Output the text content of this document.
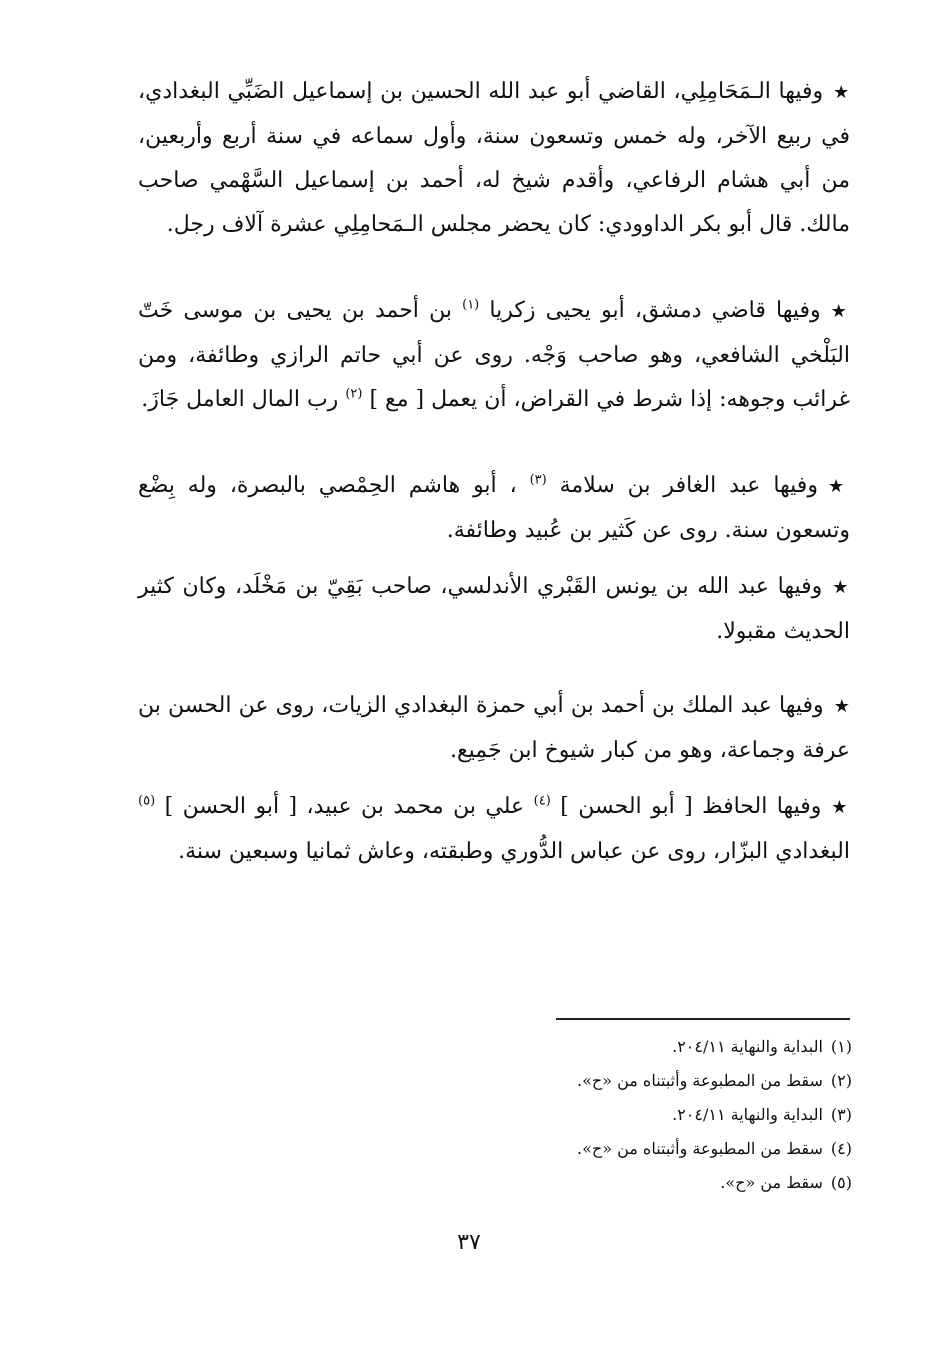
★وفيها الـمَحَامِلِي، القاضي أبو عبد الله الحسين بن إسماعيل الضَبِّي البغدادي، في ربيع الآخر، وله خمس وتسعون سنة، وأول سماعه في سنة أربع وأربعين، من أبي هشام الرفاعي، وأقدم شيخ له، أحمد بن إسماعيل السَّهْمي صاحب مالك. قال أبو بكر الداوودي: كان يحضر مجلس الـمَحامِلِي عشرة آلاف رجل.

★وفيها قاضي دمشق، أبو يحيى زكريا $^{(١)}$ بن أحمد بن يحيى بن موسى خَتّ البَلْخي الشافعي، وهو صاحب وَجْه. روى عن أبي حاتم الرازي وطائفة، ومن غرائب وجوهه: إذا شرط في القراض، أن يعمل [ مع ] $^{(٢)}$ رب المال العامل جَازَ.

★وفيها عبد الغافر بن سلامة $^{(٣)}$ ، أبو هاشم الحِمْصي بالبصرة، وله بِضْع وتسعون سنة. روى عن كَثير بن عُبيد وطائفة.

★وفيها عبد الله بن يونس القَبْري الأندلسي، صاحب بَقِيّ بن مَخْلَد، وكان كثير الحديث مقبولا.

★وفيها عبد الملك بن أحمد بن أبي حمزة البغدادي الزيات، روى عن الحسن بن عرفة وجماعة، وهو من كبار شيوخ ابن جَمِيع.

★وفيها الحافظ [ أبو الحسن ] $^{(٤)}$ علي بن محمد بن عبيد، [ أبو الحسن ] $^{(٥)}$ البغدادي البزّار، روى عن عباس الدُّوري وطبقته، وعاش ثمانيا وسبعين سنة.

(١)البداية والنهاية ٢٠٤/١١.

(٢)سقط من المطبوعة وأثبتناه من «ح».

(٣)البداية والنهاية ٢٠٤/١١.

(٤)سقط من المطبوعة وأثبتناه من «ح».

(٥)سقط من «ح».

٣٧
